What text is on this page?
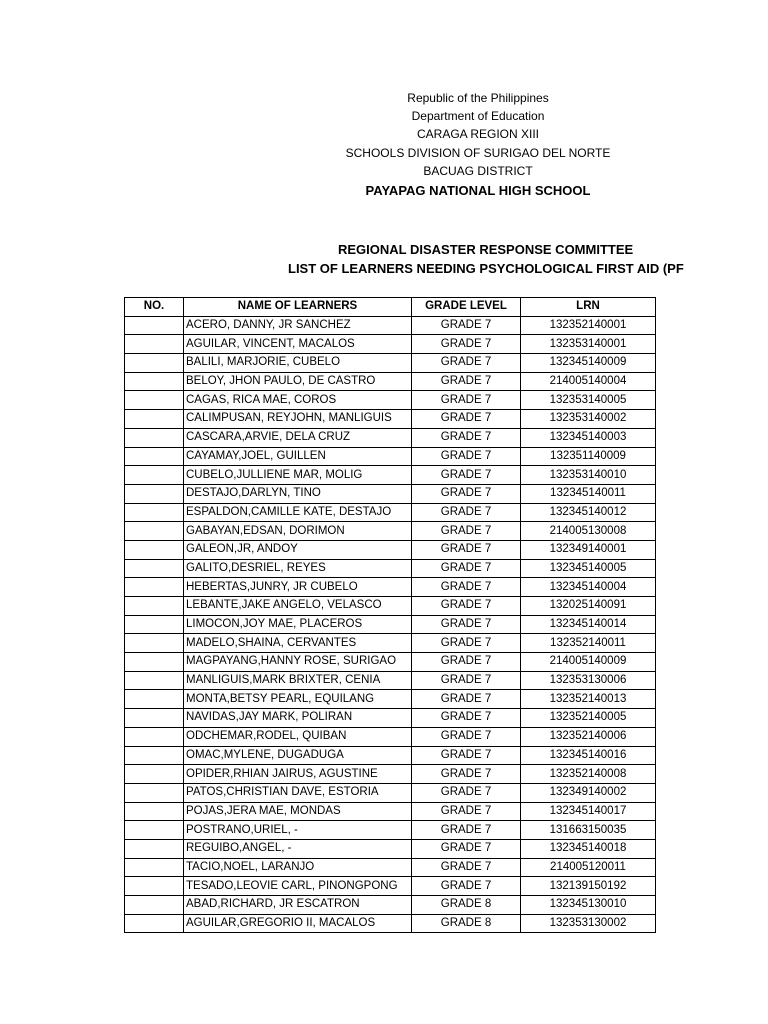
Republic of the Philippines
Department of Education
CARAGA REGION XIII
SCHOOLS DIVISION OF SURIGAO DEL NORTE
BACUAG DISTRICT
PAYAPAG NATIONAL HIGH SCHOOL
REGIONAL DISASTER RESPONSE COMMITTEE
LIST OF LEARNERS NEEDING PSYCHOLOGICAL FIRST AID (PF
NO.	NAME OF LEARNERS	GRADE LEVEL	LRN
	ACERO, DANNY, JR SANCHEZ	GRADE 7	132352140001
	AGUILAR, VINCENT, MACALOS	GRADE 7	132353140001
	BALILI, MARJORIE, CUBELO	GRADE 7	132345140009
	BELOY, JHON PAULO, DE CASTRO	GRADE 7	214005140004
	CAGAS, RICA MAE, COROS	GRADE 7	132353140005
	CALIMPUSAN, REYJOHN, MANLIGUIS	GRADE 7	132353140002
	CASCARA,ARVIE, DELA CRUZ	GRADE 7	132345140003
	CAYAMAY,JOEL, GUILLEN	GRADE 7	132351140009
	CUBELO,JULLIENE MAR, MOLIG	GRADE 7	132353140010
	DESTAJO,DARLYN, TINO	GRADE 7	132345140011
	ESPALDON,CAMILLE KATE, DESTAJO	GRADE 7	132345140012
	GABAYAN,EDSAN, DORIMON	GRADE 7	214005130008
	GALEON,JR, ANDOY	GRADE 7	132349140001
	GALITO,DESRIEL, REYES	GRADE 7	132345140005
	HEBERTAS,JUNRY, JR CUBELO	GRADE 7	132345140004
	LEBANTE,JAKE ANGELO, VELASCO	GRADE 7	132025140091
	LIMOCON,JOY MAE, PLACEROS	GRADE 7	132345140014
	MADELO,SHAINA, CERVANTES	GRADE 7	132352140011
	MAGPAYANG,HANNY ROSE, SURIGAO	GRADE 7	214005140009
	MANLIGUIS,MARK BRIXTER, CENIA	GRADE 7	132353130006
	MONTA,BETSY PEARL, EQUILANG	GRADE 7	132352140013
	NAVIDAS,JAY MARK, POLIRAN	GRADE 7	132352140005
	ODCHEMAR,RODEL, QUIBAN	GRADE 7	132352140006
	OMAC,MYLENE, DUGADUGA	GRADE 7	132345140016
	OPIDER,RHIAN JAIRUS, AGUSTINE	GRADE 7	132352140008
	PATOS,CHRISTIAN DAVE, ESTORIA	GRADE 7	132349140002
	POJAS,JERA MAE, MONDAS	GRADE 7	132345140017
	POSTRANO,URIEL, -	GRADE 7	131663150035
	REGUIBO,ANGEL, -	GRADE 7	132345140018
	TACIO,NOEL, LARANJO	GRADE 7	214005120011
	TESADO,LEOVIE CARL, PINONGPONG	GRADE 7	132139150192
	ABAD,RICHARD, JR ESCATRON	GRADE 8	132345130010
	AGUILAR,GREGORIO II, MACALOS	GRADE 8	132353130002
